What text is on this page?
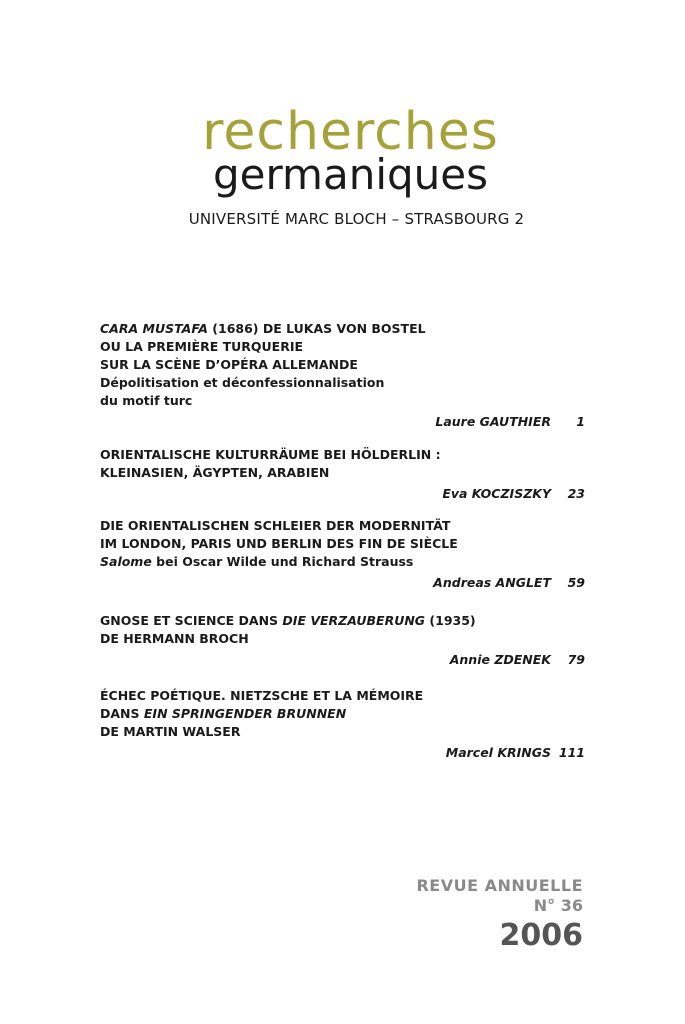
recherches
germaniques
UNIVERSITÉ MARC BLOCH – STRASBOURG 2

CARA MUSTAFA (1686) DE LUKAS VON BOSTEL

OU LA PREMIÈRE TURQUERIE

SUR LA SCÈNE D’OPÉRA ALLEMANDE

Dépolitisation et déconfessionnalisation

du motif turc

Laure GAUTHIER	1

ORIENTALISCHE KULTURRÄUME BEI HÖLDERLIN :

KLEINASIEN, ÄGYPTEN, ARABIEN

Eva KOCZISZKY	23

DIE ORIENTALISCHEN SCHLEIER DER MODERNITÄT

IM LONDON, PARIS UND BERLIN DES FIN DE SIÈCLE

Salome bei Oscar Wilde und Richard Strauss

Andreas ANGLET	59

GNOSE ET SCIENCE DANS DIE VERZAUBERUNG (1935)

DE HERMANN BROCH

Annie ZDENEK	79

ÉCHEC POÉTIQUE. NIETZSCHE ET LA MÉMOIRE

DANS EIN SPRINGENDER BRUNNEN

DE MARTIN WALSER

Marcel KRINGS 111
REVUE ANNUELLE
N° 36
2006
